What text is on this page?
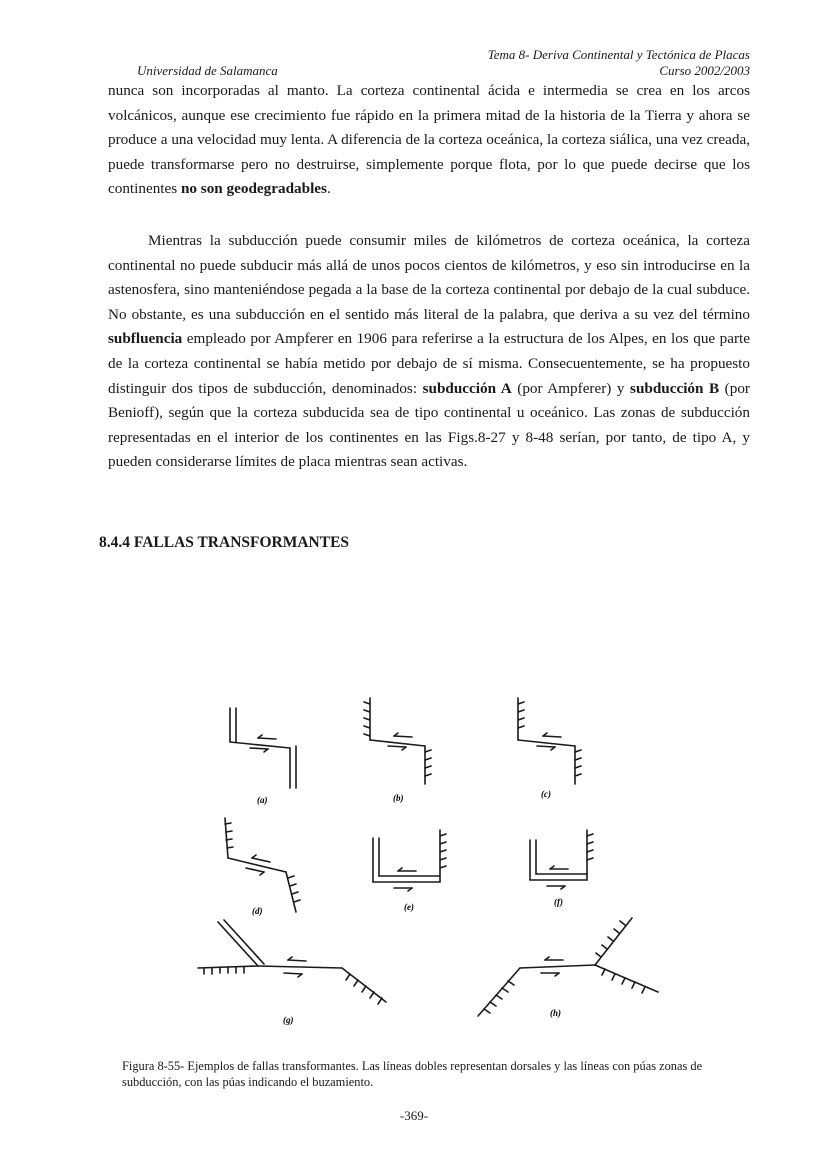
Tema 8- Deriva Continental y Tectónica de Placas
Universidad de Salamanca	Curso 2002/2003
nunca son incorporadas al manto. La corteza continental ácida e intermedia se crea en los arcos volcánicos, aunque ese crecimiento fue rápido en la primera mitad de la historia de la Tierra y ahora se produce a una velocidad muy lenta. A diferencia de la corteza oceánica, la corteza siálica, una vez creada, puede transformarse pero no destruirse, simplemente porque flota, por lo que puede decirse que los continentes no son geodegradables.
Mientras la subducción puede consumir miles de kilómetros de corteza oceánica, la corteza continental no puede subducir más allá de unos pocos cientos de kilómetros, y eso sin introducirse en la astenosfera, sino manteniéndose pegada a la base de la corteza continental por debajo de la cual subduce. No obstante, es una subducción en el sentido más literal de la palabra, que deriva a su vez del término subfluencia empleado por Ampferer en 1906 para referirse a la estructura de los Alpes, en los que parte de la corteza continental se había metido por debajo de sí misma. Consecuentemente, se ha propuesto distinguir dos tipos de subducción, denominados: subducción A (por Ampferer) y subducción B (por Benioff), según que la corteza subducida sea de tipo continental u oceánico. Las zonas de subducción representadas en el interior de los continentes en las Figs.8-27 y 8-48 serían, por tanto, de tipo A, y pueden considerarse límites de placa mientras sean activas.
8.4.4 FALLAS TRANSFORMANTES
(a)	(b)	(c)
(d)	(e)	(f)
(g)
(h)
Figura 8-55- Ejemplos de fallas transformantes. Las líneas dobles representan dorsales y las líneas con púas zonas de subducción, con las púas indicando el buzamiento.
-369-
